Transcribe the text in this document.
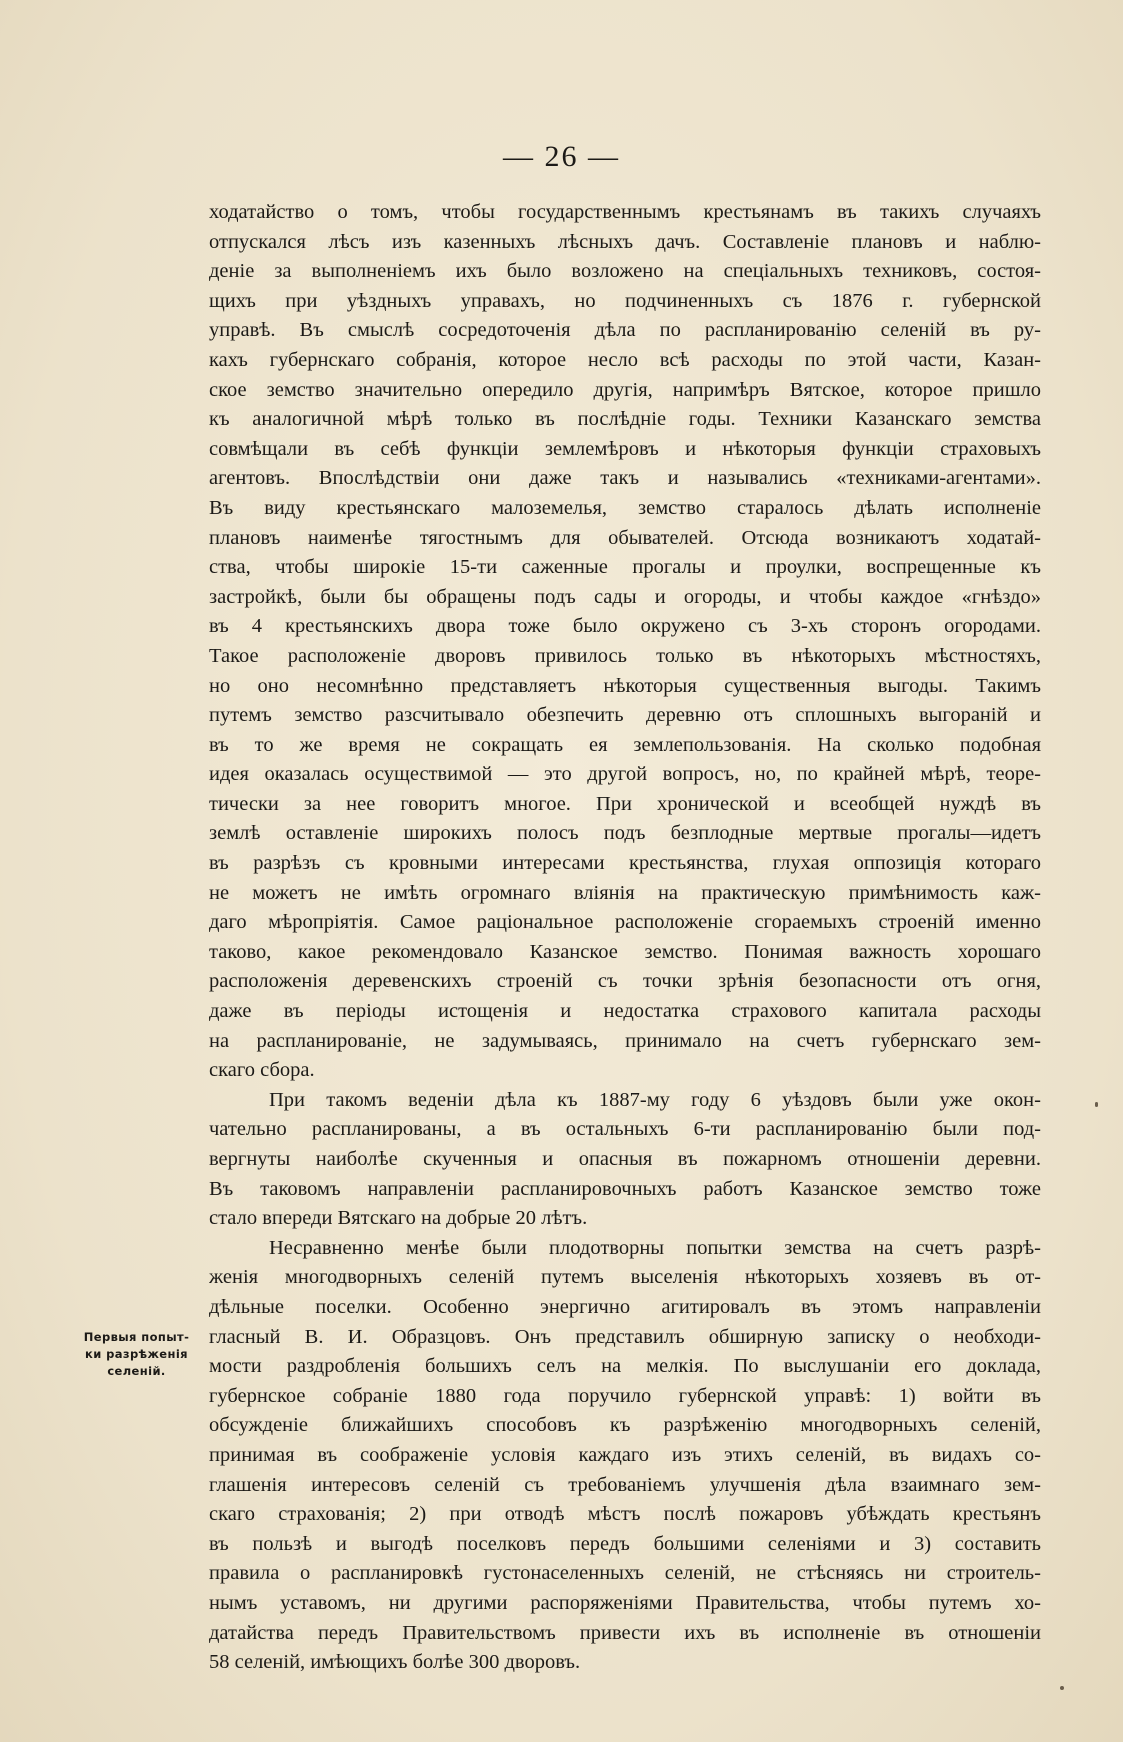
— 26 —
ходатайство о томъ, чтобы государственнымъ крестьянамъ въ такихъ случаяхъ
отпускался лѣсъ изъ казенныхъ лѣсныхъ дачъ. Составленіе плановъ и наблю-
деніе за выполненіемъ ихъ было возложено на спеціальныхъ техниковъ, состоя-
щихъ при уѣздныхъ управахъ, но подчиненныхъ съ 1876 г. губернской
управѣ. Въ смыслѣ сосредоточенія дѣла по распланированію селеній въ ру-
кахъ губернскаго собранія, которое несло всѣ расходы по этой части, Казан-
ское земство значительно опередило другія, напримѣръ Вятское, которое пришло
къ аналогичной мѣрѣ только въ послѣдніе годы. Техники Казанскаго земства
совмѣщали въ себѣ функціи землемѣровъ и нѣкоторыя функціи страховыхъ
агентовъ. Впослѣдствіи они даже такъ и назывались «техниками-агентами».
Въ виду крестьянскаго малоземелья, земство старалось дѣлать исполненіе
плановъ наименѣе тягостнымъ для обывателей. Отсюда возникаютъ ходатай-
ства, чтобы широкіе 15-ти саженные прогалы и проулки, воспрещенные къ
застройкѣ, были бы обращены подъ сады и огороды, и чтобы каждое «гнѣздо»
въ 4 крестьянскихъ двора тоже было окружено съ 3-хъ сторонъ огородами.
Такое расположеніе дворовъ привилось только въ нѣкоторыхъ мѣстностяхъ,
но оно несомнѣнно представляетъ нѣкоторыя существенныя выгоды. Такимъ
путемъ земство разсчитывало обезпечить деревню отъ сплошныхъ выгораній и
въ то же время не сокращать ея землепользованія. На сколько подобная
идея оказалась осуществимой — это другой вопросъ, но, по крайней мѣрѣ, теоре-
тически за нее говоритъ многое. При хронической и всеобщей нуждѣ въ
землѣ оставленіе широкихъ полосъ подъ безплодные мертвые прогалы—идетъ
въ разрѣзъ съ кровными интересами крестьянства, глухая оппозиція котораго
не можетъ не имѣть огромнаго вліянія на практическую примѣнимость каж-
даго мѣропріятія. Самое раціональное расположеніе сгораемыхъ строеній именно
таково, какое рекомендовало Казанское земство. Понимая важность хорошаго
расположенія деревенскихъ строеній съ точки зрѣнія безопасности отъ огня,
даже въ періоды истощенія и недостатка страхового капитала расходы
на распланированіе, не задумываясь, принимало на счетъ губернскаго зем-
скаго сбора.
При такомъ веденіи дѣла къ 1887-му году 6 уѣздовъ были уже окон-
чательно распланированы, а въ остальныхъ 6-ти распланированію были под-
вергнуты наиболѣе скученныя и опасныя въ пожарномъ отношеніи деревни.
Въ таковомъ направленіи распланировочныхъ работъ Казанское земство тоже
стало впереди Вятскаго на добрые 20 лѣтъ.
Несравненно менѣе были плодотворны попытки земства на счетъ разрѣ-
женія многодворныхъ селеній путемъ выселенія нѣкоторыхъ хозяевъ въ от-
дѣльные поселки. Особенно энергично агитировалъ въ этомъ направленіи
гласный В. И. Образцовъ. Онъ представилъ обширную записку о необходи-
мости раздробленія большихъ селъ на мелкія. По выслушаніи его доклада,
губернское собраніе 1880 года поручило губернской управѣ: 1) войти въ
обсужденіе ближайшихъ способовъ къ разрѣженію многодворныхъ селеній,
принимая въ соображеніе условія каждаго изъ этихъ селеній, въ видахъ со-
глашенія интересовъ селеній съ требованіемъ улучшенія дѣла взаимнаго зем-
скаго страхованія; 2) при отводѣ мѣстъ послѣ пожаровъ убѣждать крестьянъ
въ пользѣ и выгодѣ поселковъ передъ большими селеніями и 3) составить
правила о распланировкѣ густонаселенныхъ селеній, не стѣсняясь ни строитель-
нымъ уставомъ, ни другими распоряженіями Правительства, чтобы путемъ хо-
датайства передъ Правительствомъ привести ихъ въ исполненіе въ отношеніи
58 селеній, имѣющихъ болѣе 300 дворовъ.
Первыя попыт-
ки разрѣженія
селеній.
